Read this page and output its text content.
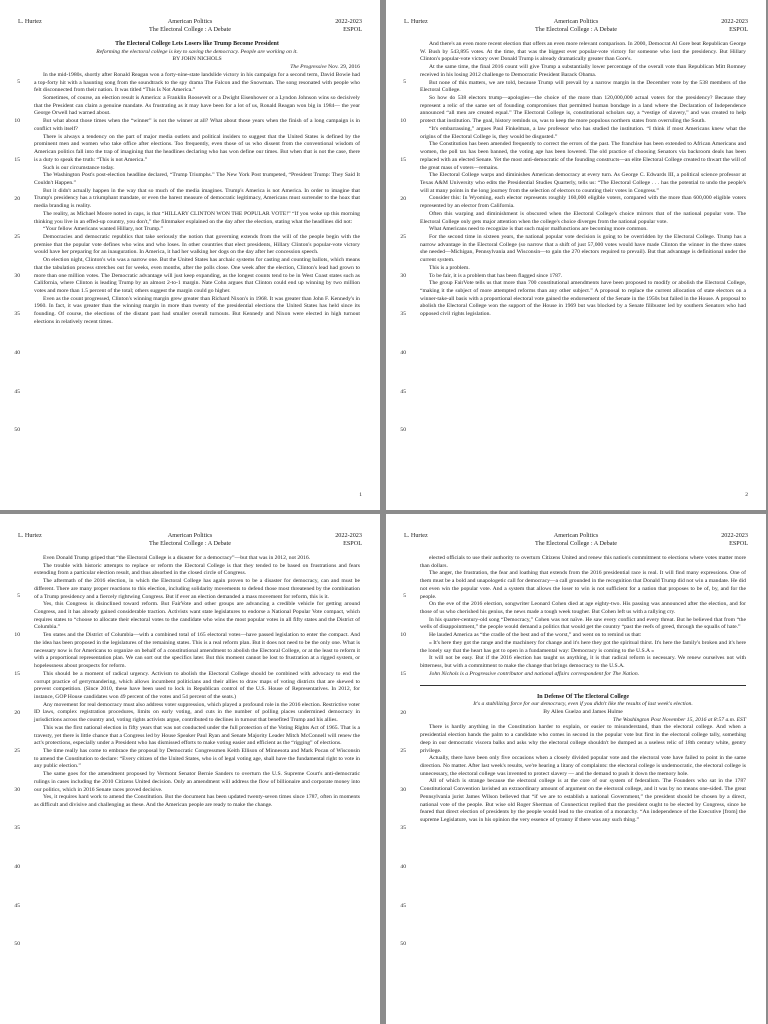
L. Hurtez	American Politics
The Electoral College : A Debate
2022-2023
ESPOL
5
10
15
20
25
30
35
40
45
50

The Electoral College Lets Losers like Trump Become President

Reforming the electoral college is key to saving the democracy. People are working on it.

BY JOHN NICHOLS

The Progressive Nov. 29, 2016

In the mid-1980s, shortly after Ronald Reagan won a forty-nine-state landslide victory in his campaign for a second term, David Bowie had a top-forty hit with a haunting song from the soundtrack to the spy drama The Falcon and the Snowman. The song resonated with people who felt disconnected from their nation. It was titled “This Is Not America.”

Sometimes, of course, an election result is America: a Franklin Roosevelt or a Dwight Eisenhower or a Lyndon Johnson wins so decisively that the President can claim a genuine mandate. As frustrating as it may have been for a lot of us, Ronald Reagan won big in 1984— the year George Orwell had warned about.

But what about those times when the “winner” is not the winner at all? What about those years when the finish of a long campaign is in conflict with itself?

There is always a tendency on the part of major media outlets and political insiders to suggest that the United States is defined by the prominent men and women who take office after elections. Too frequently, even those of us who dissent from the conventional wisdom of American politics fall into the trap of imagining that the headlines declaring who has won define our times. But when that is not the case, there is a duty to speak the truth: “This is not America.”

Such is our circumstance today.

The Washington Post's post-election headline declared, “Trump Triumphs.” The New York Post trumpeted, “President Trump: They Said It Couldn't Happen.”

But it didn't actually happen in the way that so much of the media imagines. Trump's America is not America. In order to imagine that Trump's presidency has a triumphant mandate, or even the barest measure of democratic legitimacy, Americans must surrender to the hoax that media branding is reality.

The reality, as Michael Moore noted in caps, is that “HILLARY CLINTON WON THE POPULAR VOTE!” “If you woke up this morning thinking you live in an effed-up country, you don't,” the filmmaker explained on the day after the election, stating what the headlines did not:

“Your fellow Americans wanted Hillary, not Trump.”

Democracies and democratic republics that take seriously the notion that governing extends from the will of the people begin with the premise that the popular vote defines who wins and who loses. In other countries that elect presidents, Hillary Clinton's popular-vote victory would have her preparing for an inauguration. In America, it had her walking her dogs on the day after her concession speech.

On election night, Clinton's win was a narrow one. But the United States has archaic systems for casting and counting ballots, which means that the tabulation process stretches out for weeks, even months, after the polls close. One week after the election, Clinton's lead had grown to more than one million votes. The Democratic advantage will just keep expanding, as the longest counts tend to be in West Coast states such as California, where Clinton is leading Trump by an almost 2-to-1 margin. Nate Cohn argues that Clinton could end up winning by two million votes and more than 1.5 percent of the total; others suggest the margin could go higher.

Even as the count progressed, Clinton's winning margin grew greater than Richard Nixon's in 1968. It was greater than John F. Kennedy's in 1960. In fact, it was greater than the winning margin in more than twenty of the presidential elections the United States has held since its founding. Of course, the elections of the distant past had smaller overall turnouts. But Kennedy and Nixon were elected in high turnout elections in relatively recent times.

1
L. Hurtez	American Politics
The Electoral College : A Debate
2022-2023
ESPOL
5
10
15
20
25
30
35
40
45
50

And there's an even more recent election that offers an even more relevant comparison. In 2000, Democrat Al Gore beat Republican George W. Bush by 543,895 votes. At the time, that was the biggest ever popular-vote victory for someone who lost the presidency. But Hillary Clinton's popular-vote victory over Donald Trump is already dramatically greater than Gore's.

At the same time, the final 2016 count will give Trump a substantially lower percentage of the overall vote than Republican Mitt Romney received in his losing 2012 challenge to Democratic President Barack Obama.

But none of this matters, we are told, because Trump will prevail by a narrow margin in the December vote by the 538 members of the Electoral College.

So how do 538 electors trump—apologies—the choice of the more than 120,000,000 actual voters for the presidency? Because they represent a relic of the same set of founding compromises that permitted human bondage in a land where the Declaration of Independence announced “all men are created equal.” The Electoral College is, constitutional scholars say, a “vestige of slavery,” and was created to help protect that institution. The goal, history reminds us, was to keep the more populous northern states from overruling the South.

“It's embarrassing,” argues Paul Finkelman, a law professor who has studied the institution. “I think if most Americans knew what the origins of the Electoral College is, they would be disgusted.”

The Constitution has been amended frequently to correct the errors of the past. The franchise has been extended to African Americans and women, the poll tax has been banned, the voting age has been lowered. The old practice of choosing Senators via backroom deals has been replaced with an elected Senate. Yet the most anti-democratic of the founding constructs—an elite Electoral College created to thwart the will of the great mass of voters—remains.

The Electoral College warps and diminishes American democracy at every turn. As George C. Edwards III, a political science professor at Texas A&M University who edits the Presidential Studies Quarterly, tells us: “The Electoral College . . . has the potential to undo the people's will at many points in the long journey from the selection of electors to counting their votes in Congress.”

Consider this: In Wyoming, each elector represents roughly 160,000 eligible voters, compared with the more than 600,000 eligible voters represented by an elector from California.

Often this warping and diminishment is obscured when the Electoral College's choice mirrors that of the national popular vote. The Electoral College only gets major attention when the college's choice diverges from the national popular vote.

What Americans need to recognize is that such major malfunctions are becoming more common.

For the second time in sixteen years, the national popular vote decision is going to be overridden by the Electoral College. Trump has a narrow advantage in the Electoral College (so narrow that a shift of just 57,000 votes would have made Clinton the winner in the three states she needed—Michigan, Pennsylvania and Wisconsin—to gain the 270 electors required to prevail). But that advantage is definitional under the current system.

This is a problem.

To be fair, it is a problem that has been flagged since 1787.

The group FairVote tells us that more than 700 constitutional amendments have been proposed to modify or abolish the Electoral College, “making it the subject of more attempted reforms than any other subject.” A proposal to replace the current allocation of state electors on a winner-take-all basis with a proportional electoral vote gained the endorsement of the Senate in the 1950s but failed in the House. A proposal to abolish the Electoral College won the support of the House in 1969 but was blocked by a Senate filibuster led by southern Senators who had opposed civil rights legislation.

2
L. Hurtez	American Politics
The Electoral College : A Debate
2022-2023
ESPOL
5
10
15
20
25
30
35
40
45
50

Even Donald Trump griped that “the Electoral College is a disaster for a democracy”—but that was in 2012, not 2016.

The trouble with historic attempts to replace or reform the Electoral College is that they tended to be based on frustrations and fears extending from a particular election result, and thus absorbed in the closed circle of Congress.

The aftermath of the 2016 election, in which the Electoral College has again proven to be a disaster for democracy, can and must be different. There are many proper reactions to this election, including solidarity movements to defend those most threatened by the combination of a Trump presidency and a fiercely rightwing Congress. But if ever an election demanded a mass movement for reform, this is it.

Yes, this Congress is disinclined toward reform. But FairVote and other groups are advancing a credible vehicle for getting around Congress, and it has already gained considerable traction. Activists want state legislatures to endorse a National Popular Vote compact, which requires states to “choose to allocate their electoral votes to the candidate who wins the most popular votes in all fifty states and the District of Columbia.”

Ten states and the District of Columbia—with a combined total of 165 electoral votes—have passed legislation to enter the compact. And the idea has been proposed in the legislatures of the remaining states. This is a real reform plan. But it does not need to be the only one. What is necessary now is for Americans to organize on behalf of a constitutional amendment to abolish the Electoral College, or at the least to reform it with a proportional representation plan. We can sort out the specifics later. But this moment cannot be lost to frustration at a rigged system, or hopelessness about prospects for reform.

This should be a moment of radical urgency. Activism to abolish the Electoral College should be combined with advocacy to end the corrupt practice of gerrymandering, which allows incumbent politicians and their allies to draw maps of voting districts that are skewed to prevent competition. (Since 2010, these have been used to lock in Republican control of the U.S. House of Representatives. In 2012, for instance, GOP House candidates won 49 percent of the votes and 54 percent of the seats.)

Any movement for real democracy must also address voter suppression, which played a profound role in the 2016 election. Restrictive voter ID laws, complex registration procedures, limits on early voting, and cuts in the number of polling places undermined democracy in jurisdictions across the country and, voting rights activists argue, contributed to declines in turnout that benefited Trump and his allies.

This was the first national election in fifty years that was not conducted under the full protection of the Voting Rights Act of 1965. That is a travesty, yet there is little chance that a Congress led by House Speaker Paul Ryan and Senate Majority Leader Mitch McConnell will renew the act's protections, especially under a President who has dismissed efforts to make voting easier and efficient as the “rigging” of elections.

The time really has come to embrace the proposal by Democratic Congressmen Keith Ellison of Minnesota and Mark Pocan of Wisconsin to amend the Constitution to declare: “Every citizen of the United States, who is of legal voting age, shall have the fundamental right to vote in any public election.”

The same goes for the amendment proposed by Vermont Senator Bernie Sanders to overturn the U.S. Supreme Court's anti-democratic rulings in cases including the 2010 Citizens United decision. Only an amendment will address the flow of billionaire and corporate money into our politics, which in 2016 Senate races proved decisive.

Yes, it requires hard work to amend the Constitution. But the document has been updated twenty-seven times since 1787, often in moments as difficult and divisive and challenging as these. And the American people are ready to make the change.

L. Hurtez	American Politics
The Electoral College : A Debate
2022-2023
ESPOL
5
10
15
20
25
30
35
40
45
50

elected officials to use their authority to overturn Citizens United and renew this nation's commitment to elections where votes matter more than dollars.

The anger, the frustration, the fear and loathing that extends from the 2016 presidential race is real. It will find many expressions. One of them must be a bold and unapologetic call for democracy—a call grounded in the recognition that Donald Trump did not win a mandate. He did not even win the popular vote. And a system that allows the loser to win is not sufficient for a nation that proposes to be of, by, and for the people.

On the eve of the 2016 election, songwriter Leonard Cohen died at age eighty-two. His passing was announced after the election, and for those of us who cherished his genius, the news made a tough week tougher. But Cohen left us with a rallying cry.

In his quarter-century-old song “Democracy,” Cohen was not naïve. He saw every conflict and every threat. But he believed that from “the wells of disappointment,” the people would demand a politics that would get the country “past the reefs of greed, through the squalls of hate.”

He lauded America as “the cradle of the best and of the worst,” and went on to remind us that:

« It's here they got the range and the machinery for change and it's here they got the spiritual thirst. It's here the family's broken and it's here the lonely say that the heart has got to open in a fundamental way: Democracy is coming to the U.S.A »

It will not be easy. But if the 2016 election has taught us anything, it is that radical reform is necessary. We renew ourselves not with bitterness, but with a commitment to make the change that brings democracy to the U.S.A.

John Nichols is a Progressive contributor and national affairs correspondent for The Nation.

In Defense Of The Electoral College

It's a stabilizing force for our democracy, even if you didn't like the results of last week's election.

By Allen Guelzo and James Hulme

The Washington Post November 15, 2016 at 8:57 a.m. EST

There is hardly anything in the Constitution harder to explain, or easier to misunderstand, than the electoral college. And when a presidential election hands the palm to a candidate who comes in second in the popular vote but first in the electoral college tally, something deep in our democratic viscera balks and asks why the electoral college shouldn't be dumped as a useless relic of 18th century white, gentry privilege.

Actually, there have been only five occasions when a closely divided popular vote and the electoral vote have failed to point in the same direction. No matter. After last week's results, we're hearing a litany of complaints: the electoral college is undemocratic, the electoral college is unnecessary, the electoral college was invented to protect slavery — and the demand to push it down the memory hole.

All of which is strange because the electoral college is at the core of our system of federalism. The Founders who sat in the 1787 Constitutional Convention lavished an extraordinary amount of argument on the electoral college, and it was by no means one-sided. The great Pennsylvania jurist James Wilson believed that “if we are to establish a national Government,” the president should be chosen by a direct, national vote of the people. But wise old Roger Sherman of Connecticut replied that the president ought to be elected by Congress, since he feared that direct election of presidents by the people would lead to the creation of a monarchy. “An independence of the Executive [from] the supreme Legislature, was in his opinion the very essence of tyranny if there was any such thing.”
